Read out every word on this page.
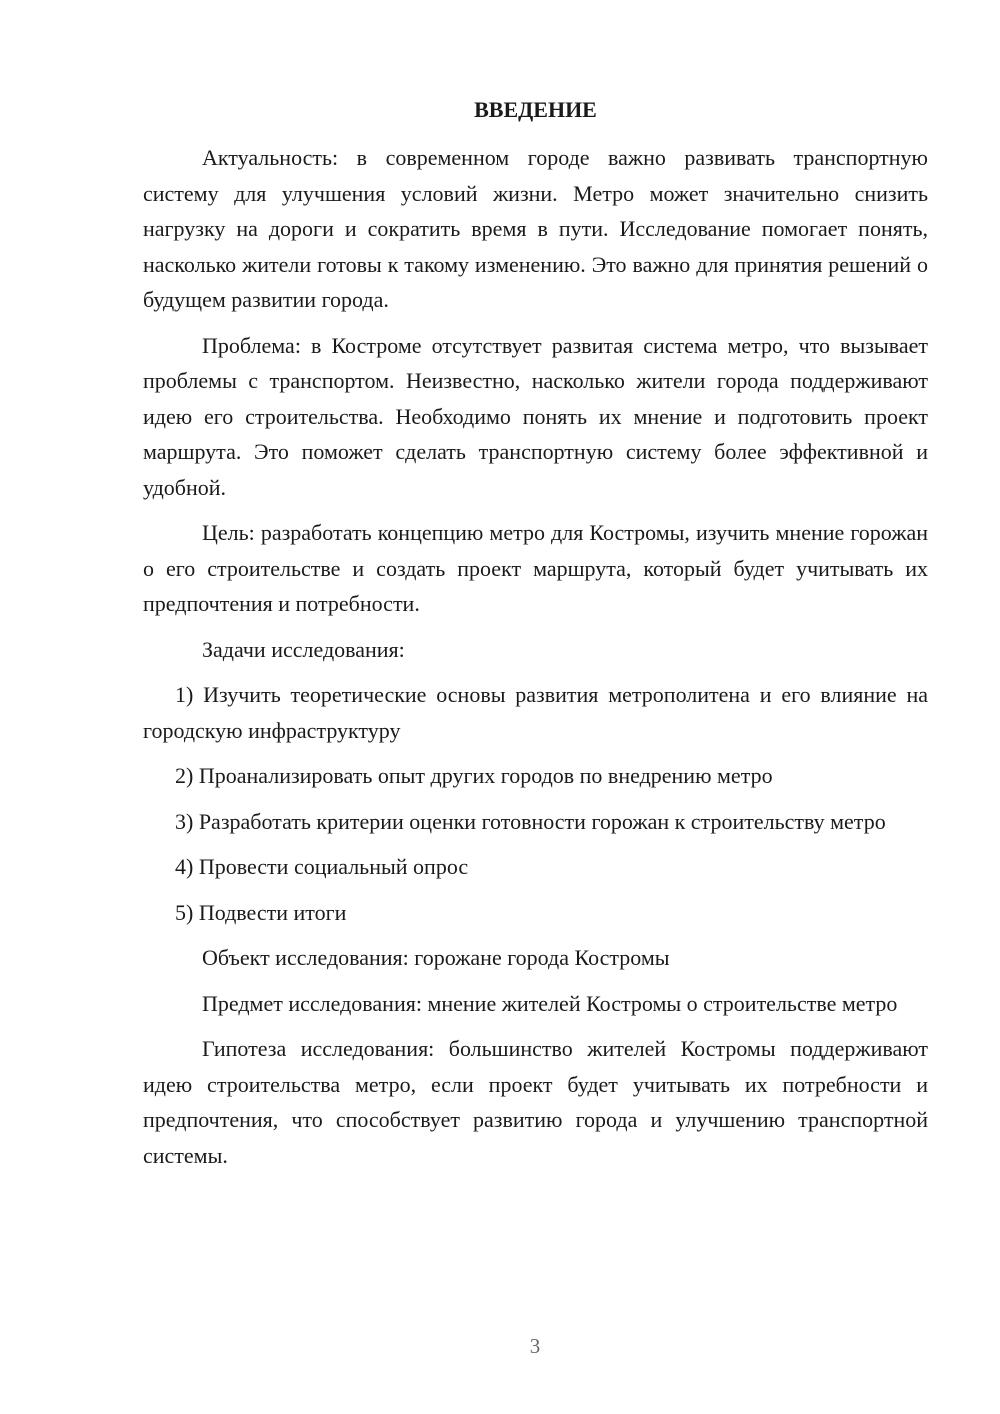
ВВЕДЕНИЕ

Актуальность: в современном городе важно развивать транспортную систему для улучшения условий жизни. Метро может значительно снизить нагрузку на дороги и сократить время в пути. Исследование помогает понять, насколько жители готовы к такому изменению. Это важно для принятия решений о будущем развитии города.

Проблема: в Костроме отсутствует развитая система метро, что вызывает проблемы с транспортом. Неизвестно, насколько жители города поддерживают идею его строительства. Необходимо понять их мнение и подготовить проект маршрута. Это поможет сделать транспортную систему более эффективной и удобной.

Цель: разработать концепцию метро для Костромы, изучить мнение горожан о его строительстве и создать проект маршрута, который будет учитывать их предпочтения и потребности.

Задачи исследования:

1) Изучить теоретические основы развития метрополитена и его влияние на городскую инфраструктуру

2) Проанализировать опыт других городов по внедрению метро

3) Разработать критерии оценки готовности горожан к строительству метро

4) Провести социальный опрос

5) Подвести итоги

Объект исследования: горожане города Костромы

Предмет исследования: мнение жителей Костромы о строительстве метро

Гипотеза исследования: большинство жителей Костромы поддерживают идею строительства метро, если проект будет учитывать их потребности и предпочтения, что способствует развитию города и улучшению транспортной системы.

3
